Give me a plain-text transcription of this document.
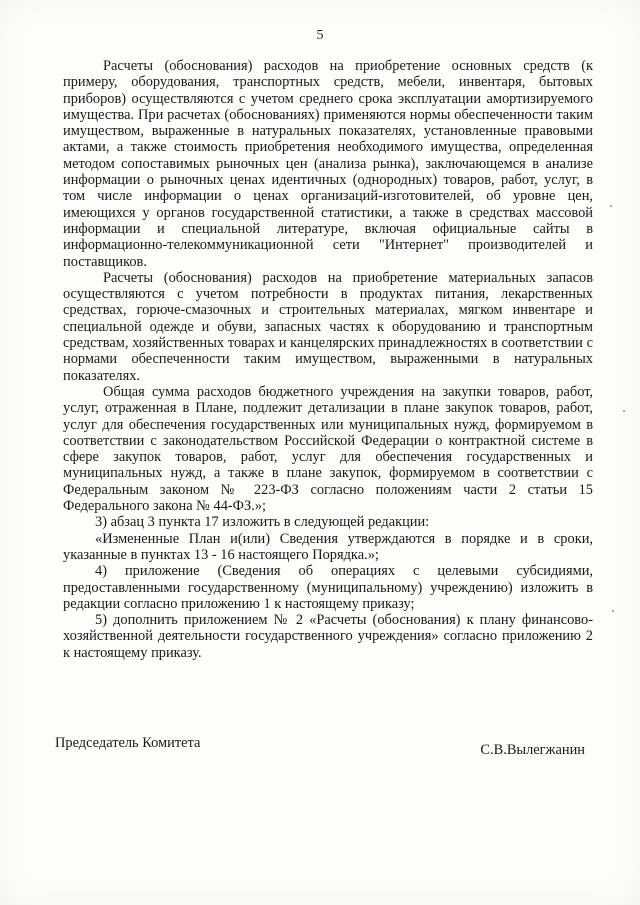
5

Расчеты (обоснования) расходов на приобретение основных средств (к примеру, оборудования, транспортных средств, мебели, инвентаря, бытовых приборов) осуществляются с учетом среднего срока эксплуатации амортизируемого имущества. При расчетах (обоснованиях) применяются нормы обеспеченности таким имуществом, выраженные в натуральных показателях, установленные правовыми актами, а также стоимость приобретения необходимого имущества, определенная методом сопоставимых рыночных цен (анализа рынка), заключающемся в анализе информации о рыночных ценах идентичных (однородных) товаров, работ, услуг, в том числе информации о ценах организаций-изготовителей, об уровне цен, имеющихся у органов государственной статистики, а также в средствах массовой информации и специальной литературе, включая официальные сайты в информационно-телекоммуникационной сети "Интернет" производителей и поставщиков.

Расчеты (обоснования) расходов на приобретение материальных запасов осуществляются с учетом потребности в продуктах питания, лекарственных средствах, горюче-смазочных и строительных материалах, мягком инвентаре и специальной одежде и обуви, запасных частях к оборудованию и транспортным средствам, хозяйственных товарах и канцелярских принадлежностях в соответствии с нормами обеспеченности таким имуществом, выраженными в натуральных показателях.

Общая сумма расходов бюджетного учреждения на закупки товаров, работ, услуг, отраженная в Плане, подлежит детализации в плане закупок товаров, работ, услуг для обеспечения государственных или муниципальных нужд, формируемом в соответствии с законодательством Российской Федерации о контрактной системе в сфере закупок товаров, работ, услуг для обеспечения государственных и муниципальных нужд, а также в плане закупок, формируемом в соответствии с Федеральным законом № 223-ФЗ согласно положениям части 2 статьи 15 Федерального закона № 44-ФЗ.»;

3) абзац 3 пункта 17 изложить в следующей редакции:

«Измененные План и(или) Сведения утверждаются в порядке и в сроки, указанные в пунктах 13 - 16 настоящего Порядка.»;

4) приложение (Сведения об операциях с целевыми субсидиями, предоставленными государственному (муниципальному) учреждению) изложить в редакции согласно приложению 1 к настоящему приказу;

5) дополнить приложением № 2 «Расчеты (обоснования) к плану финансово-хозяйственной деятельности государственного учреждения» согласно приложению 2 к настоящему приказу.

Председатель Комитета	С.В.Вылегжанин
